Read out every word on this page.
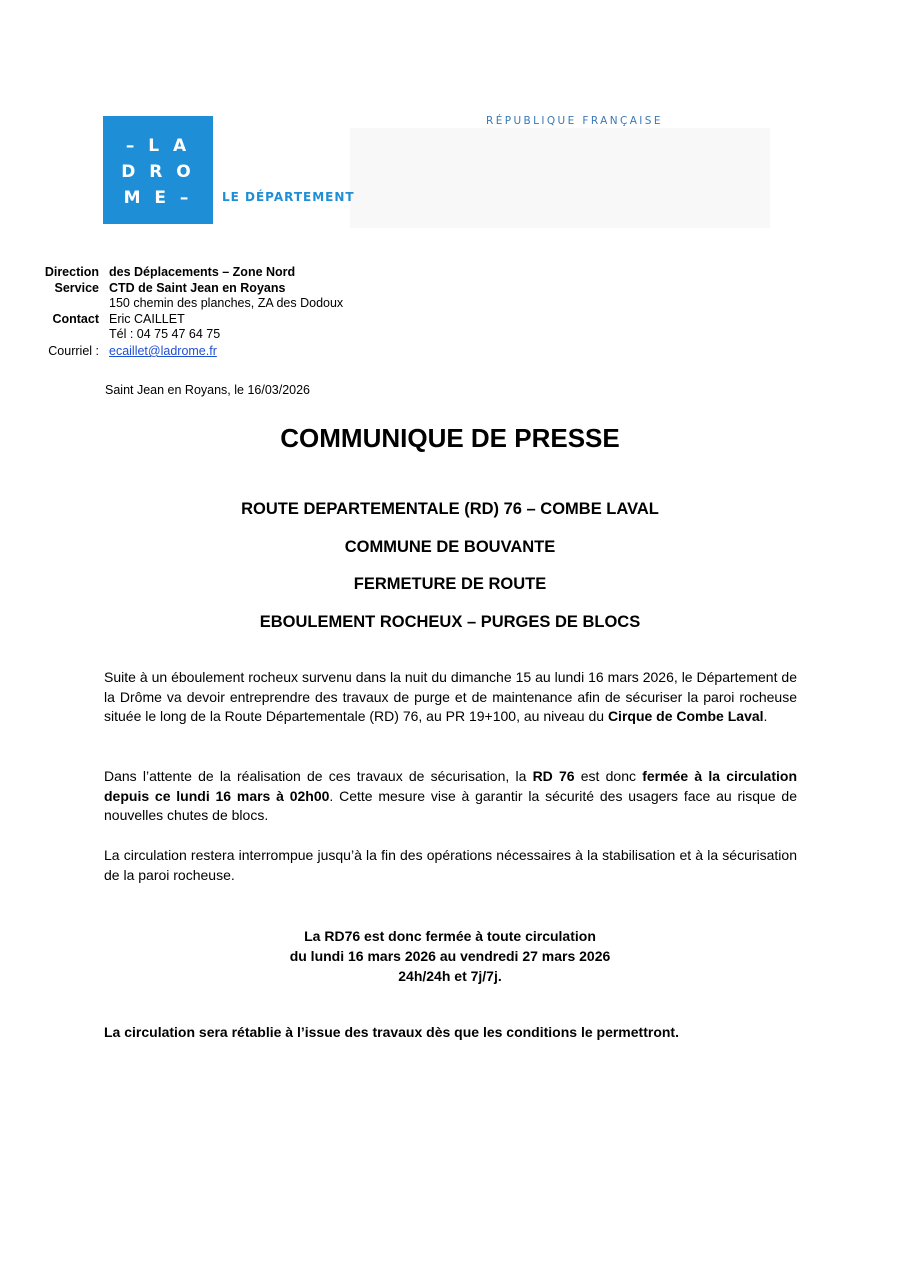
– L A
D R O
M E –	LE DÉPARTEMENT
RÉPUBLIQUE FRANÇAISE
Direction des Déplacements – Zone Nord
Service CTD de Saint Jean en Royans
150 chemin des planches, ZA des Dodoux
Contact Eric CAILLET
Tél : 04 75 47 64 75
Courriel : ecaillet@ladrome.fr
Saint Jean en Royans, le 16/03/2026
COMMUNIQUE DE PRESSE
ROUTE DEPARTEMENTALE (RD) 76 – COMBE LAVAL
COMMUNE DE BOUVANTE
FERMETURE DE ROUTE
EBOULEMENT ROCHEUX – PURGES DE BLOCS
Suite à un éboulement rocheux survenu dans la nuit du dimanche 15 au lundi 16 mars 2026, le Département de la Drôme va devoir entreprendre des travaux de purge et de maintenance afin de sécuriser la paroi rocheuse située le long de la Route Départementale (RD) 76, au PR 19+100, au niveau du Cirque de Combe Laval.
Dans l’attente de la réalisation de ces travaux de sécurisation, la RD 76 est donc fermée à la circulation depuis ce lundi 16 mars à 02h00. Cette mesure vise à garantir la sécurité des usagers face au risque de nouvelles chutes de blocs.
La circulation restera interrompue jusqu’à la fin des opérations nécessaires à la stabilisation et à la sécurisation de la paroi rocheuse.
La RD76 est donc fermée à toute circulation
du lundi 16 mars 2026 au vendredi 27 mars 2026
24h/24h et 7j/7j.
La circulation sera rétablie à l’issue des travaux dès que les conditions le permettront.
